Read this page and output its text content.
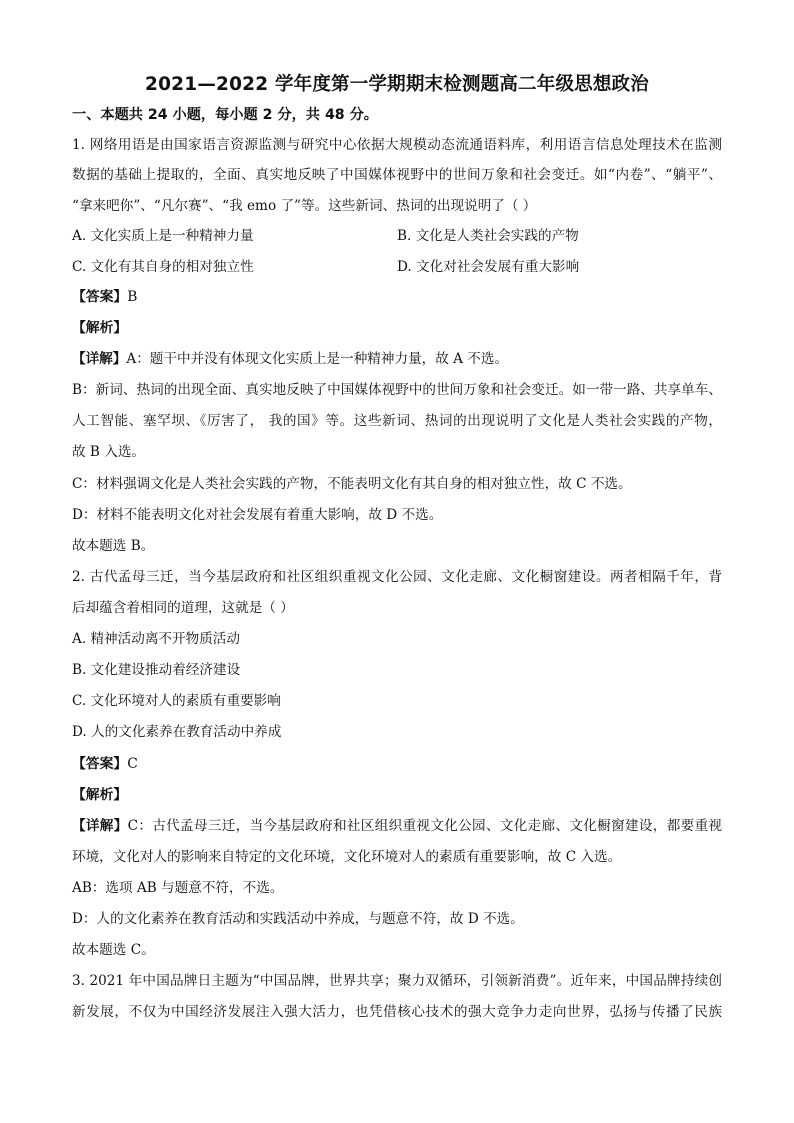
2021—2022 学年度第一学期期末检测题高二年级思想政治
一、本题共 24 小题，每小题 2 分，共 48 分。
1. 网络用语是由国家语言资源监测与研究中心依据大规模动态流通语料库，利用语言信息处理技术在监测
数据的基础上提取的，全面、真实地反映了中国媒体视野中的世间万象和社会变迁。如“内卷”、“躺平”、
“拿来吧你”、“凡尔赛”、“我 emo 了”等。这些新词、热词的出现说明了（ ）
A. 文化实质上是一种精神力量	B. 文化是人类社会实践的产物
C. 文化有其自身的相对独立性	D. 文化对社会发展有重大影响
【答案】B
【解析】
【详解】A：题干中并没有体现文化实质上是一种精神力量，故 A 不选。
B：新词、热词的出现全面、真实地反映了中国媒体视野中的世间万象和社会变迁。如一带一路、共享单车、
人工智能、塞罕坝、《厉害了， 我的国》等。这些新词、热词的出现说明了文化是人类社会实践的产物，
故 B 入选。
C：材料强调文化是人类社会实践的产物，不能表明文化有其自身的相对独立性，故 C 不选。
D：材料不能表明文化对社会发展有着重大影响，故 D 不选。
故本题选 B。
2. 古代孟母三迁，当今基层政府和社区组织重视文化公园、文化走廊、文化橱窗建设。两者相隔千年，背
后却蕴含着相同的道理，这就是（ ）
A. 精神活动离不开物质活动
B. 文化建设推动着经济建设
C. 文化环境对人的素质有重要影响
D. 人的文化素养在教育活动中养成
【答案】C
【解析】
【详解】C：古代孟母三迁，当今基层政府和社区组织重视文化公园、文化走廊、文化橱窗建设，都要重视
环境，文化对人的影响来自特定的文化环境，文化环境对人的素质有重要影响，故 C 入选。
AB：选项 AB 与题意不符，不选。
D：人的文化素养在教育活动和实践活动中养成，与题意不符，故 D 不选。
故本题选 C。
3. 2021 年中国品牌日主题为“中国品牌，世界共享；聚力双循环，引领新消费”。近年来，中国品牌持续创
新发展，不仅为中国经济发展注入强大活力，也凭借核心技术的强大竞争力走向世界，弘扬与传播了民族
